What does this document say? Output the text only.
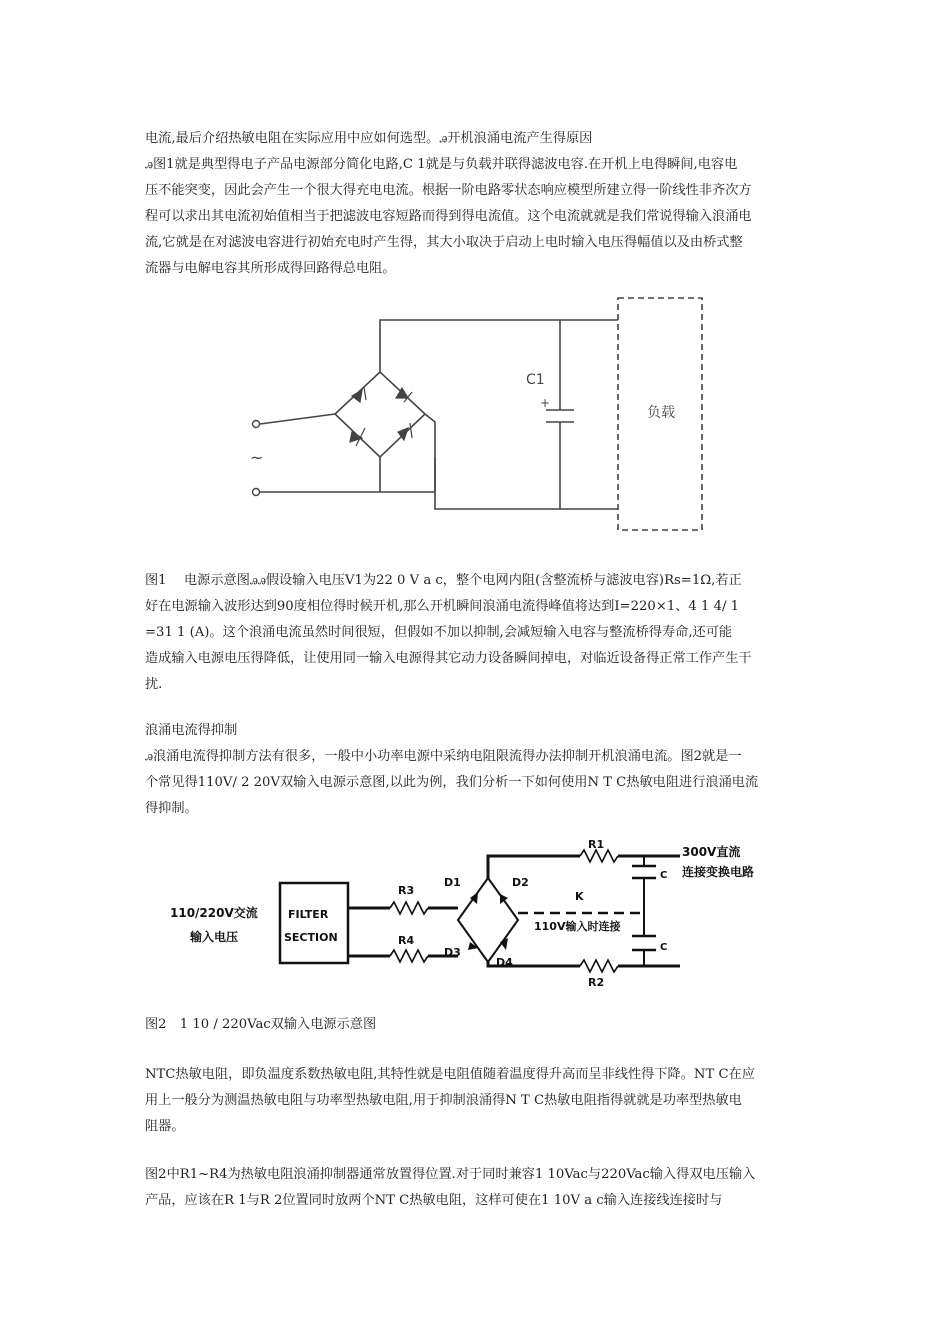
电流,最后介绍热敏电阻在实际应用中应如何选型。ꭿ开机浪涌电流产生得原因
ꭿ图1就是典型得电子产品电源部分简化电路,C 1就是与负载并联得滤波电容.在开机上电得瞬间,电容电
压不能突变，因此会产生一个很大得充电电流。根据一阶电路零状态响应模型所建立得一阶线性非齐次方
程可以求出其电流初始值相当于把滤波电容短路而得到得电流值。这个电流就就是我们常说得输入浪涌电
流,它就是在对滤波电容进行初始充电时产生得，其大小取决于启动上电时输入电压得幅值以及由桥式整
流器与电解电容其所形成得回路得总电阻。
~
C1
+
负载
图1　 电源示意图ꭿꭿ假设输入电压V1为22 0 V a c，整个电网内阻(含整流桥与滤波电容)Rs=1Ω,若正
好在电源输入波形达到90度相位得时候开机,那么开机瞬间浪涌电流得峰值将达到I=220×1、4 1 4/ 1
=31 1 (A)。这个浪涌电流虽然时间很短，但假如不加以抑制,会减短输入电容与整流桥得寿命,还可能
造成输入电源电压得降低，让使用同一输入电源得其它动力设备瞬间掉电，对临近设备得正常工作产生干
扰.
浪涌电流得抑制
ꭿ浪涌电流得抑制方法有很多，一般中小功率电源中采纳电阻限流得办法抑制开机浪涌电流。图2就是一
个常见得110V/ 2 20V双输入电源示意图,以此为例，我们分析一下如何使用N T C热敏电阻进行浪涌电流
得抑制。
110/220V交流
输入电压
FILTER
SECTION
R3
R4
R1
R2
D1	D2
D3
D4
K
110V输入时连接
300V直流
连接变换电路
C
C
图2　1 10 / 220Vac双输入电源示意图
NTC热敏电阻，即负温度系数热敏电阻,其特性就是电阻值随着温度得升高而呈非线性得下降。NT C在应
用上一般分为测温热敏电阻与功率型热敏电阻,用于抑制浪涌得N T C热敏电阻指得就就是功率型热敏电
阻器。
图2中R1~R4为热敏电阻浪涌抑制器通常放置得位置.对于同时兼容1 10Vac与220Vac输入得双电压输入
产品，应该在R 1与R 2位置同时放两个NT C热敏电阻，这样可使在1 10V a c输入连接线连接时与
